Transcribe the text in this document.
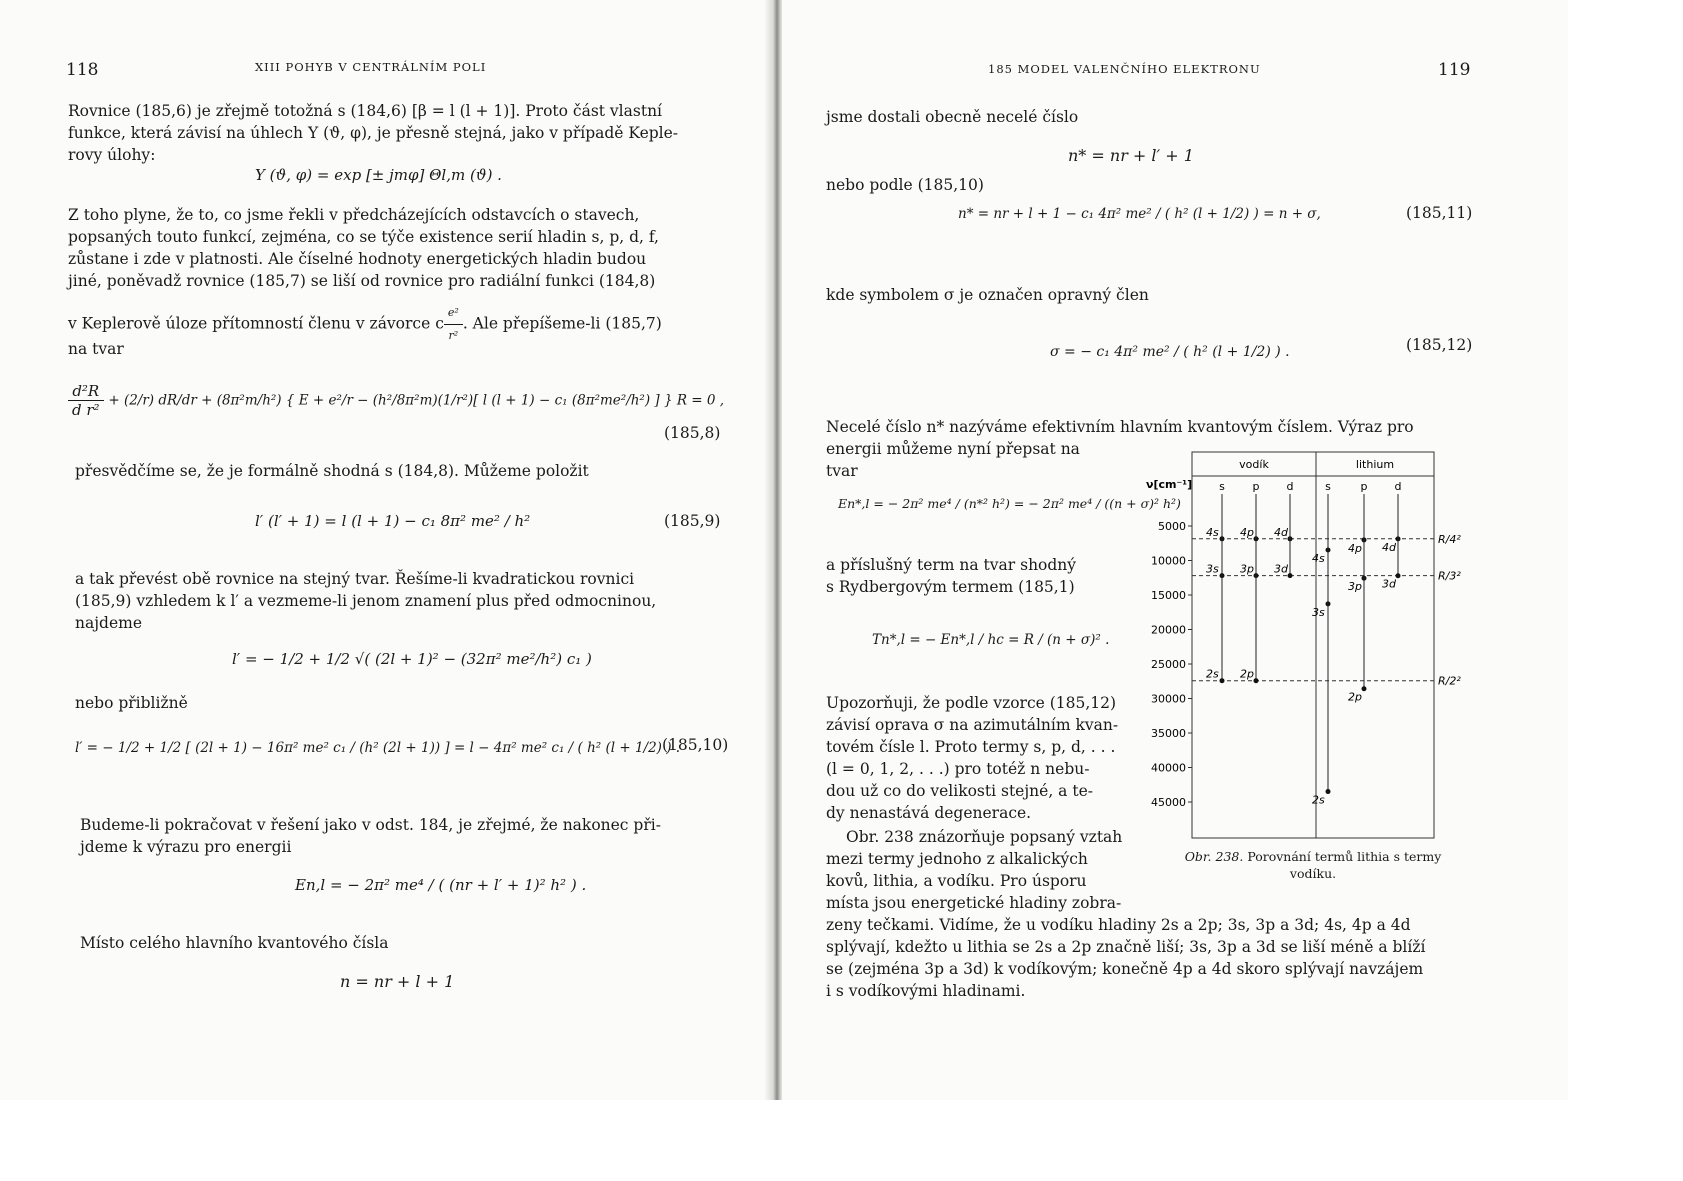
118	XIII POHYB V CENTRÁLNÍM POLI
Rovnice (185,6) je zřejmě totožná s (184,6) [β = l (l + 1)]. Proto část vlastní
funkce, která závisí na úhlech Y (ϑ, φ), je přesně stejná, jako v případě Keple-
rovy úlohy:
Y (ϑ, φ) = exp [± jmφ] Θl,m (ϑ) .
Z toho plyne, že to, co jsme řekli v předcházejících odstavcích o stavech,
popsaných touto funkcí, zejména, co se týče existence serií hladin s, p, d, f,
zůstane i zde v platnosti. Ale číselné hodnoty energetických hladin budou
jiné, poněvadž rovnice (185,7) se liší od rovnice pro radiální funkci (184,8)
v Keplerově úloze přítomností členu v závorce c $\frac{\text{e²}}{\text{r²}}$ . Ale přepíšeme-li (185,7)
na tvar
$\frac{\text{d²R}}{\text{d r²}} + (2/r) dR/dr + (8\pi^2m/h^2)$ { E + e²/r − (h²/8π²m)(1/r²)[ l (l + 1) − c₁ (8π²me²/h²) ] } R = 0 ,
(185,8)
přesvědčíme se, že je formálně shodná s (184,8). Můžeme položit
l′ (l′ + 1) = l (l + 1) − c₁ 8π² me² / h²	(185,9)
a tak převést obě rovnice na stejný tvar. Řešíme-li kvadratickou rovnici
(185,9) vzhledem k l′ a vezmeme-li jenom znamení plus před odmocninou,
najdeme
l′ = − 1/2 + 1/2 √( (2l + 1)² − (32π² me²/h²) c₁ )
nebo přibližně
l′ = − 1/2 + 1/2 [ (2l + 1) − 16π² me² c₁ / (h² (2l + 1)) ] = l − 4π² me² c₁ / ( h² (l + 1/2) ) .
(185,10)
Budeme-li pokračovat v řešení jako v odst. 184, je zřejmé, že nakonec při-
jdeme k výrazu pro energii
En,l = − 2π² me⁴ / ( (nr + l′ + 1)² h² ) .
Místo celého hlavního kvantového čísla
n = nr + l + 1
185 MODEL VALENČNÍHO ELEKTRONU	119
jsme dostali obecně necelé číslo
n* = nr + l′ + 1
nebo podle (185,10)
n* = nr + l + 1 − c₁ 4π² me² / ( h² (l + 1/2) ) = n + σ,	(185,11)
kde symbolem σ je označen opravný člen
σ = − c₁ 4π² me² / ( h² (l + 1/2) ) .	(185,12)
Necelé číslo n* nazýváme efektivním hlavním kvantovým číslem. Výraz pro
energii můžeme nyní přepsat na
tvar
En*,l = − 2π² me⁴ / (n*² h²) = − 2π² me⁴ / ((n + σ)² h²)
a příslušný term na tvar shodný
s Rydbergovým termem (185,1)
Tn*,l = − En*,l / hc = R / (n + σ)² .
Upozorňuji, že podle vzorce (185,12)
závisí oprava σ na azimutálním kvan-
tovém čísle l. Proto termy s, p, d, . . .
(l = 0, 1, 2, . . .) pro totéž n nebu-
dou už co do velikosti stejné, a te-
dy nenastává degenerace.
Obr. 238 znázorňuje popsaný vztah
mezi termy jednoho z alkalických
kovů, lithia, a vodíku. Pro úsporu
místa jsou energetické hladiny zobra-
zeny tečkami. Vidíme, že u vodíku hladiny 2s a 2p; 3s, 3p a 3d; 4s, 4p a 4d
splývají, kdežto u lithia se 2s a 2p značně liší; 3s, 3p a 3d se liší méně a blíží
se (zejména 3p a 3d) k vodíkovým; konečně 4p a 4d skoro splývají navzájem
i s vodíkovými hladinami.
vodík	lithium
ν[cm⁻¹] s	p d	s	p d
5000
10000
15000
20000
25000
30000
35000
40000
45000
R/4²
R/3²
R/2²
4s 4p 4d
3s 3p 3d
2s 2p
4s
4p 4d
3s
3p 3d
2s
2p
Obr. 238. Porovnání termů lithia s termy vodíku.
